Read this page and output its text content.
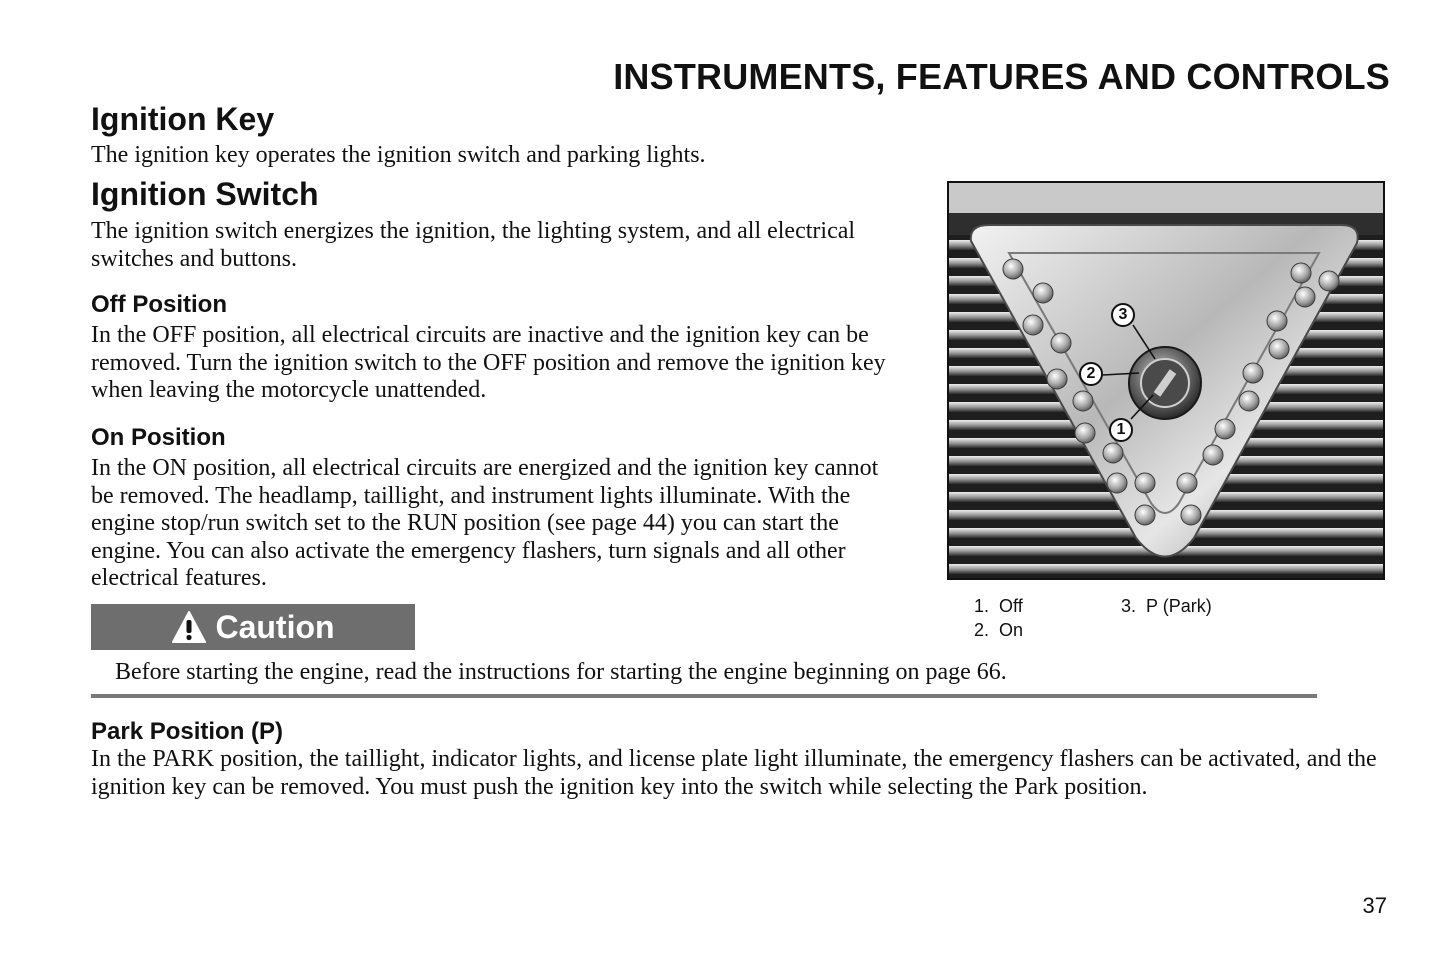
INSTRUMENTS, FEATURES AND CONTROLS
Ignition Key

The ignition key operates the ignition switch and parking lights.

Ignition Switch

The ignition switch energizes the ignition, the lighting system, and all electrical switches and buttons.

Off Position

In the OFF position, all electrical circuits are inactive and the ignition key can be removed. Turn the ignition switch to the OFF position and remove the ignition key when leaving the motorcycle unattended.

On Position

In the ON position, all electrical circuits are energized and the ignition key cannot be removed. The headlamp, taillight, and instrument lights illuminate. With the engine stop/run switch set to the RUN position (see page 44) you can start the engine. You can also activate the emergency flashers, turn signals and all other electrical features.

3
2
1
1. Off
2. On
3. P (Park)
Caution

Before starting the engine, read the instructions for starting the engine beginning on page 66.

Park Position (P)

In the PARK position, the taillight, indicator lights, and license plate light illuminate, the emergency flashers can be activated, and the ignition key can be removed. You must push the ignition key into the switch while selecting the Park position.

37
